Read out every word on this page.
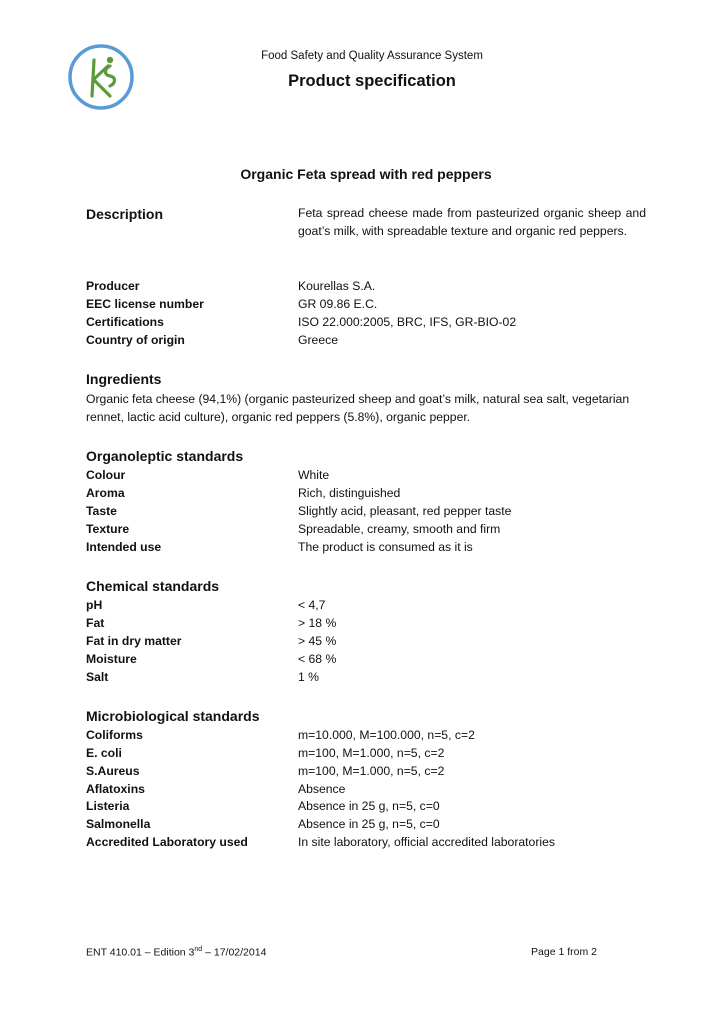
Food Safety and Quality Assurance System
Product specification
Organic Feta spread with red peppers
Description	Feta spread cheese made from pasteurized organic sheep and goat’s milk, with spreadable texture and organic red peppers.
Producer	Kourellas S.A.
EEC license number	GR 09.86 E.C.
Certifications	ISO 22.000:2005, BRC, IFS, GR-BIO-02
Country of origin	Greece
Ingredients
Organic feta cheese (94,1%) (organic pasteurized sheep and goat’s milk, natural sea salt, vegetarian rennet, lactic acid culture), organic red peppers (5.8%), organic pepper.
Organoleptic standards
Colour	White
Aroma	Rich, distinguished
Taste	Slightly acid, pleasant, red pepper taste
Texture	Spreadable, creamy, smooth and firm
Intended use	The product is consumed as it is
Chemical standards
pH	< 4,7
Fat	> 18 %
Fat in dry matter	> 45 %
Moisture	< 68 %
Salt	1 %
Microbiological standards
Coliforms	m=10.000, M=100.000, n=5, c=2
E. coli	m=100, M=1.000, n=5, c=2
S.Aureus	m=100, M=1.000, n=5, c=2
Aflatoxins	Absence
Listeria	Absence in 25 g, n=5, c=0
Salmonella	Absence in 25 g, n=5, c=0
Accredited Laboratory used	In site laboratory, official accredited laboratories
ENT 410.01 – Edition 3nd – 17/02/2014	Page 1 from 2
